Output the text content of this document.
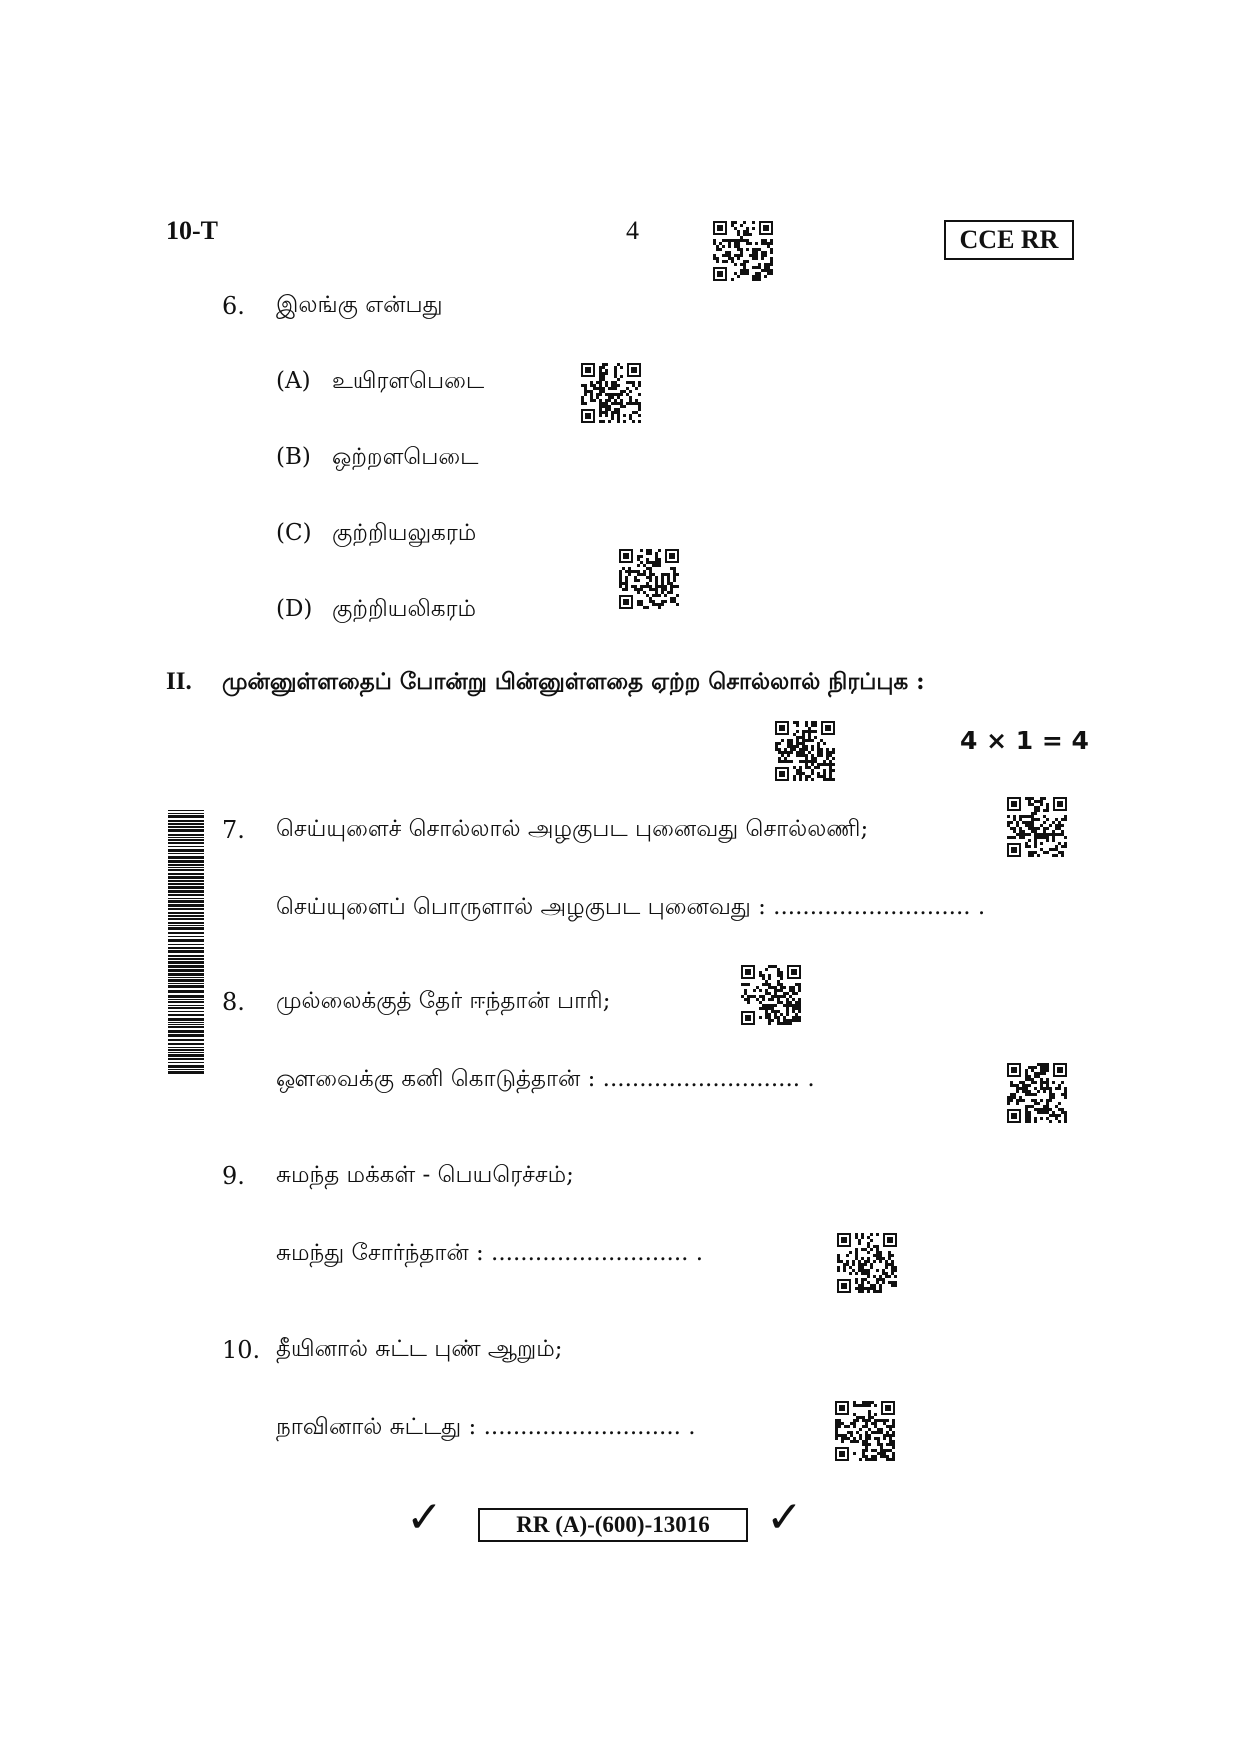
10-T	4	CCE RR
6. இலங்கு என்பது
(A) உயிரளபெடை
(B) ஒற்றளபெடை
(C) குற்றியலுகரம்
(D) குற்றியலிகரம்
II. முன்னுள்ளதைப் போன்று பின்னுள்ளதை ஏற்ற சொல்லால் நிரப்புக :
4 × 1 = 4
7. செய்யுளைச் சொல்லால் அழகுபட புனைவது சொல்லணி;
செய்யுளைப் பொருளால் அழகுபட புனைவது : ........................... .
8. முல்லைக்குத் தேர் ஈந்தான் பாரி;
ஔவைக்கு கனி கொடுத்தான் : ........................... .
9. சுமந்த மக்கள் - பெயரெச்சம்;
சுமந்து சோர்ந்தான் : ........................... .
10. தீயினால் சுட்ட புண் ஆறும்;
நாவினால் சுட்டது : ........................... .
✓	RR (A)-(600)-13016	✓
